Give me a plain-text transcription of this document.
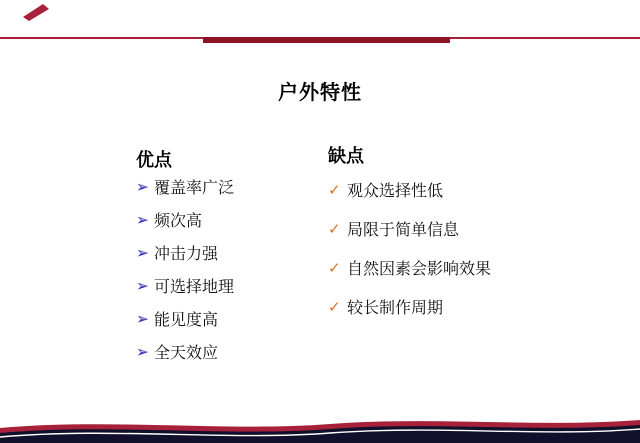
户外特性
优点
➢ 覆盖率广泛
➢ 频次高
➢ 冲击力强
➢ 可选择地理
➢ 能见度高
➢ 全天效应
缺点
✓ 观众选择性低
✓ 局限于简单信息
✓ 自然因素会影响效果
✓ 较长制作周期
